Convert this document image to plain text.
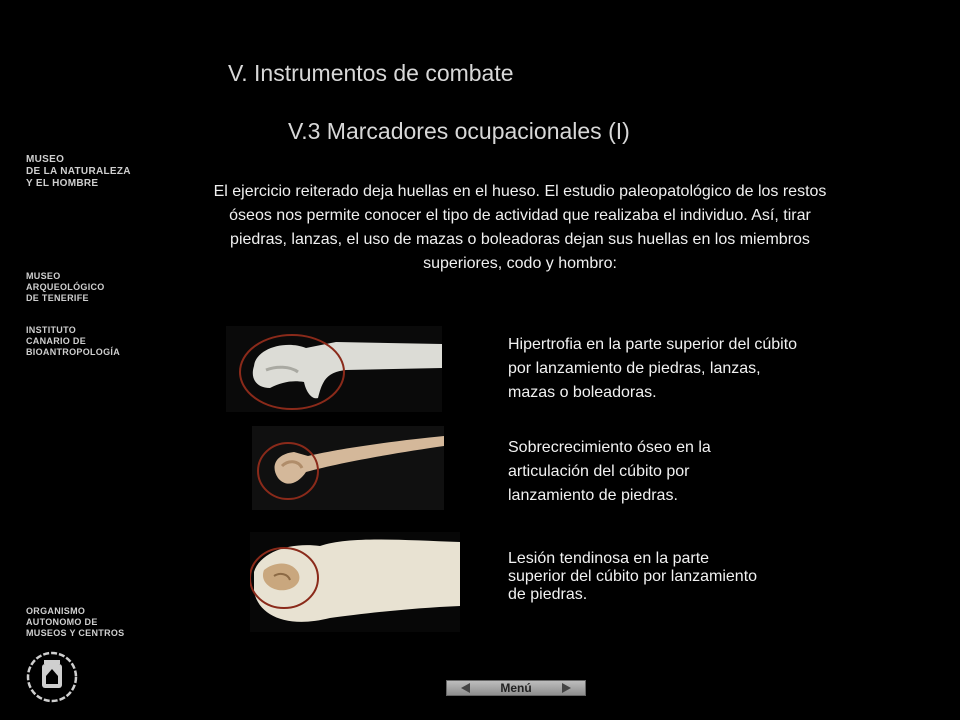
V. Instrumentos de combate
V.3 Marcadores ocupacionales (I)
El ejercicio reiterado deja huellas en el hueso. El estudio paleopatológico de los restos óseos nos permite conocer el tipo de actividad que realizaba el individuo. Así, tirar piedras, lanzas, el uso de mazas o boleadoras dejan sus huellas en los miembros superiores, codo y hombro:
MUSEO
DE LA NATURALEZA
Y EL HOMBRE
MUSEO
ARQUEOLÓGICO
DE TENERIFE
INSTITUTO
CANARIO DE
BIOANTROPOLOGÍA
ORGANISMO
AUTONOMO DE
MUSEOS Y CENTROS
Hipertrofia en la parte superior del cúbito por lanzamiento de piedras, lanzas, mazas o boleadoras.
Sobrecrecimiento óseo en la articulación del cúbito por lanzamiento de piedras.
Lesión tendinosa en la parte superior del cúbito por lanzamiento de piedras.
Menú
